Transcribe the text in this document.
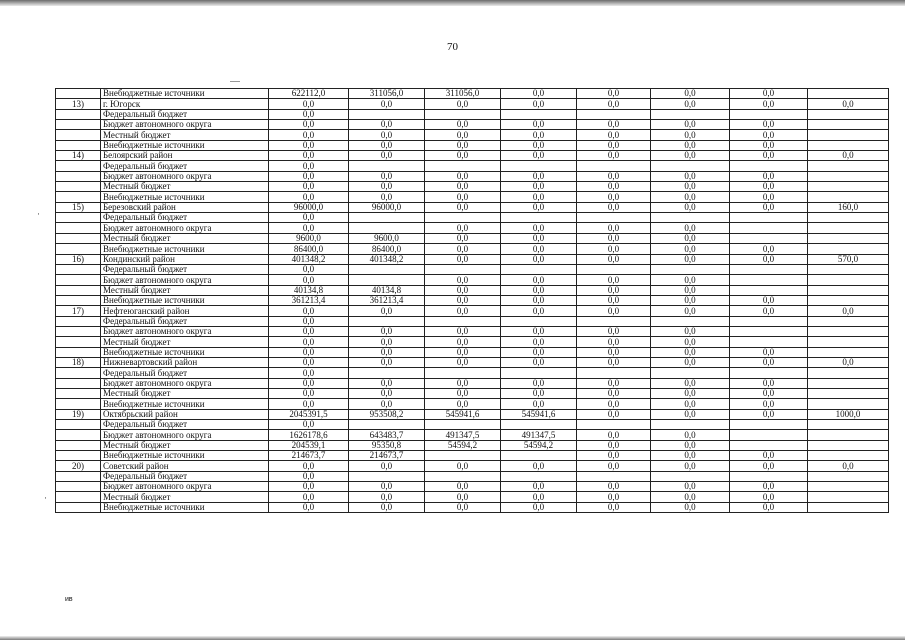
70
·
·
	Внебюджетные источники	622112,0	311056,0	311056,0	0,0	0,0	0,0	0,0	
13)	г. Югорск	0,0	0,0	0,0	0,0	0,0	0,0	0,0	0,0
	Федеральный бюджет	0,0							
	Бюджет автономного округа	0,0	0,0	0,0	0,0	0,0	0,0	0,0	
	Местный бюджет	0,0	0,0	0,0	0,0	0,0	0,0	0,0	
	Внебюджетные источники	0,0	0,0	0,0	0,0	0,0	0,0	0,0	
14)	Белоярский район	0,0	0,0	0,0	0,0	0,0	0,0	0,0	0,0
	Федеральный бюджет	0,0							
	Бюджет автономного округа	0,0	0,0	0,0	0,0	0,0	0,0	0,0	
	Местный бюджет	0,0	0,0	0,0	0,0	0,0	0,0	0,0	
	Внебюджетные источники	0,0	0,0	0,0	0,0	0,0	0,0	0,0	
15)	Березовский район	96000,0	96000,0	0,0	0,0	0,0	0,0	0,0	160,0
	Федеральный бюджет	0,0							
	Бюджет автономного округа	0,0		0,0	0,0	0,0	0,0		
	Местный бюджет	9600,0	9600,0	0,0	0,0	0,0	0,0		
	Внебюджетные источники	86400,0	86400,0	0,0	0,0	0,0	0,0	0,0	
16)	Кондинский район	401348,2	401348,2	0,0	0,0	0,0	0,0	0,0	570,0
	Федеральный бюджет	0,0							
	Бюджет автономного округа	0,0		0,0	0,0	0,0	0,0		
	Местный бюджет	40134,8	40134,8	0,0	0,0	0,0	0,0		
	Внебюджетные источники	361213,4	361213,4	0,0	0,0	0,0	0,0	0,0	
17)	Нефтеюганский район	0,0	0,0	0,0	0,0	0,0	0,0	0,0	0,0
	Федеральный бюджет	0,0							
	Бюджет автономного округа	0,0	0,0	0,0	0,0	0,0	0,0		
	Местный бюджет	0,0	0,0	0,0	0,0	0,0	0,0		
	Внебюджетные источники	0,0	0,0	0,0	0,0	0,0	0,0	0,0	
18)	Нижневартовский район	0,0	0,0	0,0	0,0	0,0	0,0	0,0	0,0
	Федеральный бюджет	0,0							
	Бюджет автономного округа	0,0	0,0	0,0	0,0	0,0	0,0	0,0	
	Местный бюджет	0,0	0,0	0,0	0,0	0,0	0,0	0,0	
	Внебюджетные источники	0,0	0,0	0,0	0,0	0,0	0,0	0,0	
19)	Октябрьский район	2045391,5	953508,2	545941,6	545941,6	0,0	0,0	0,0	1000,0
	Федеральный бюджет	0,0							
	Бюджет автономного округа	1626178,6	643483,7	491347,5	491347,5	0,0	0,0		
	Местный бюджет	204539,1	95350,8	54594,2	54594,2	0,0	0,0		
	Внебюджетные источники	214673,7	214673,7			0,0	0,0	0,0	
20)	Советский район	0,0	0,0	0,0	0,0	0,0	0,0	0,0	0,0
	Федеральный бюджет	0,0							
	Бюджет автономного округа	0,0	0,0	0,0	0,0	0,0	0,0	0,0	
	Местный бюджет	0,0	0,0	0,0	0,0	0,0	0,0	0,0	
	Внебюджетные источники	0,0	0,0	0,0	0,0	0,0	0,0	0,0	
ив
